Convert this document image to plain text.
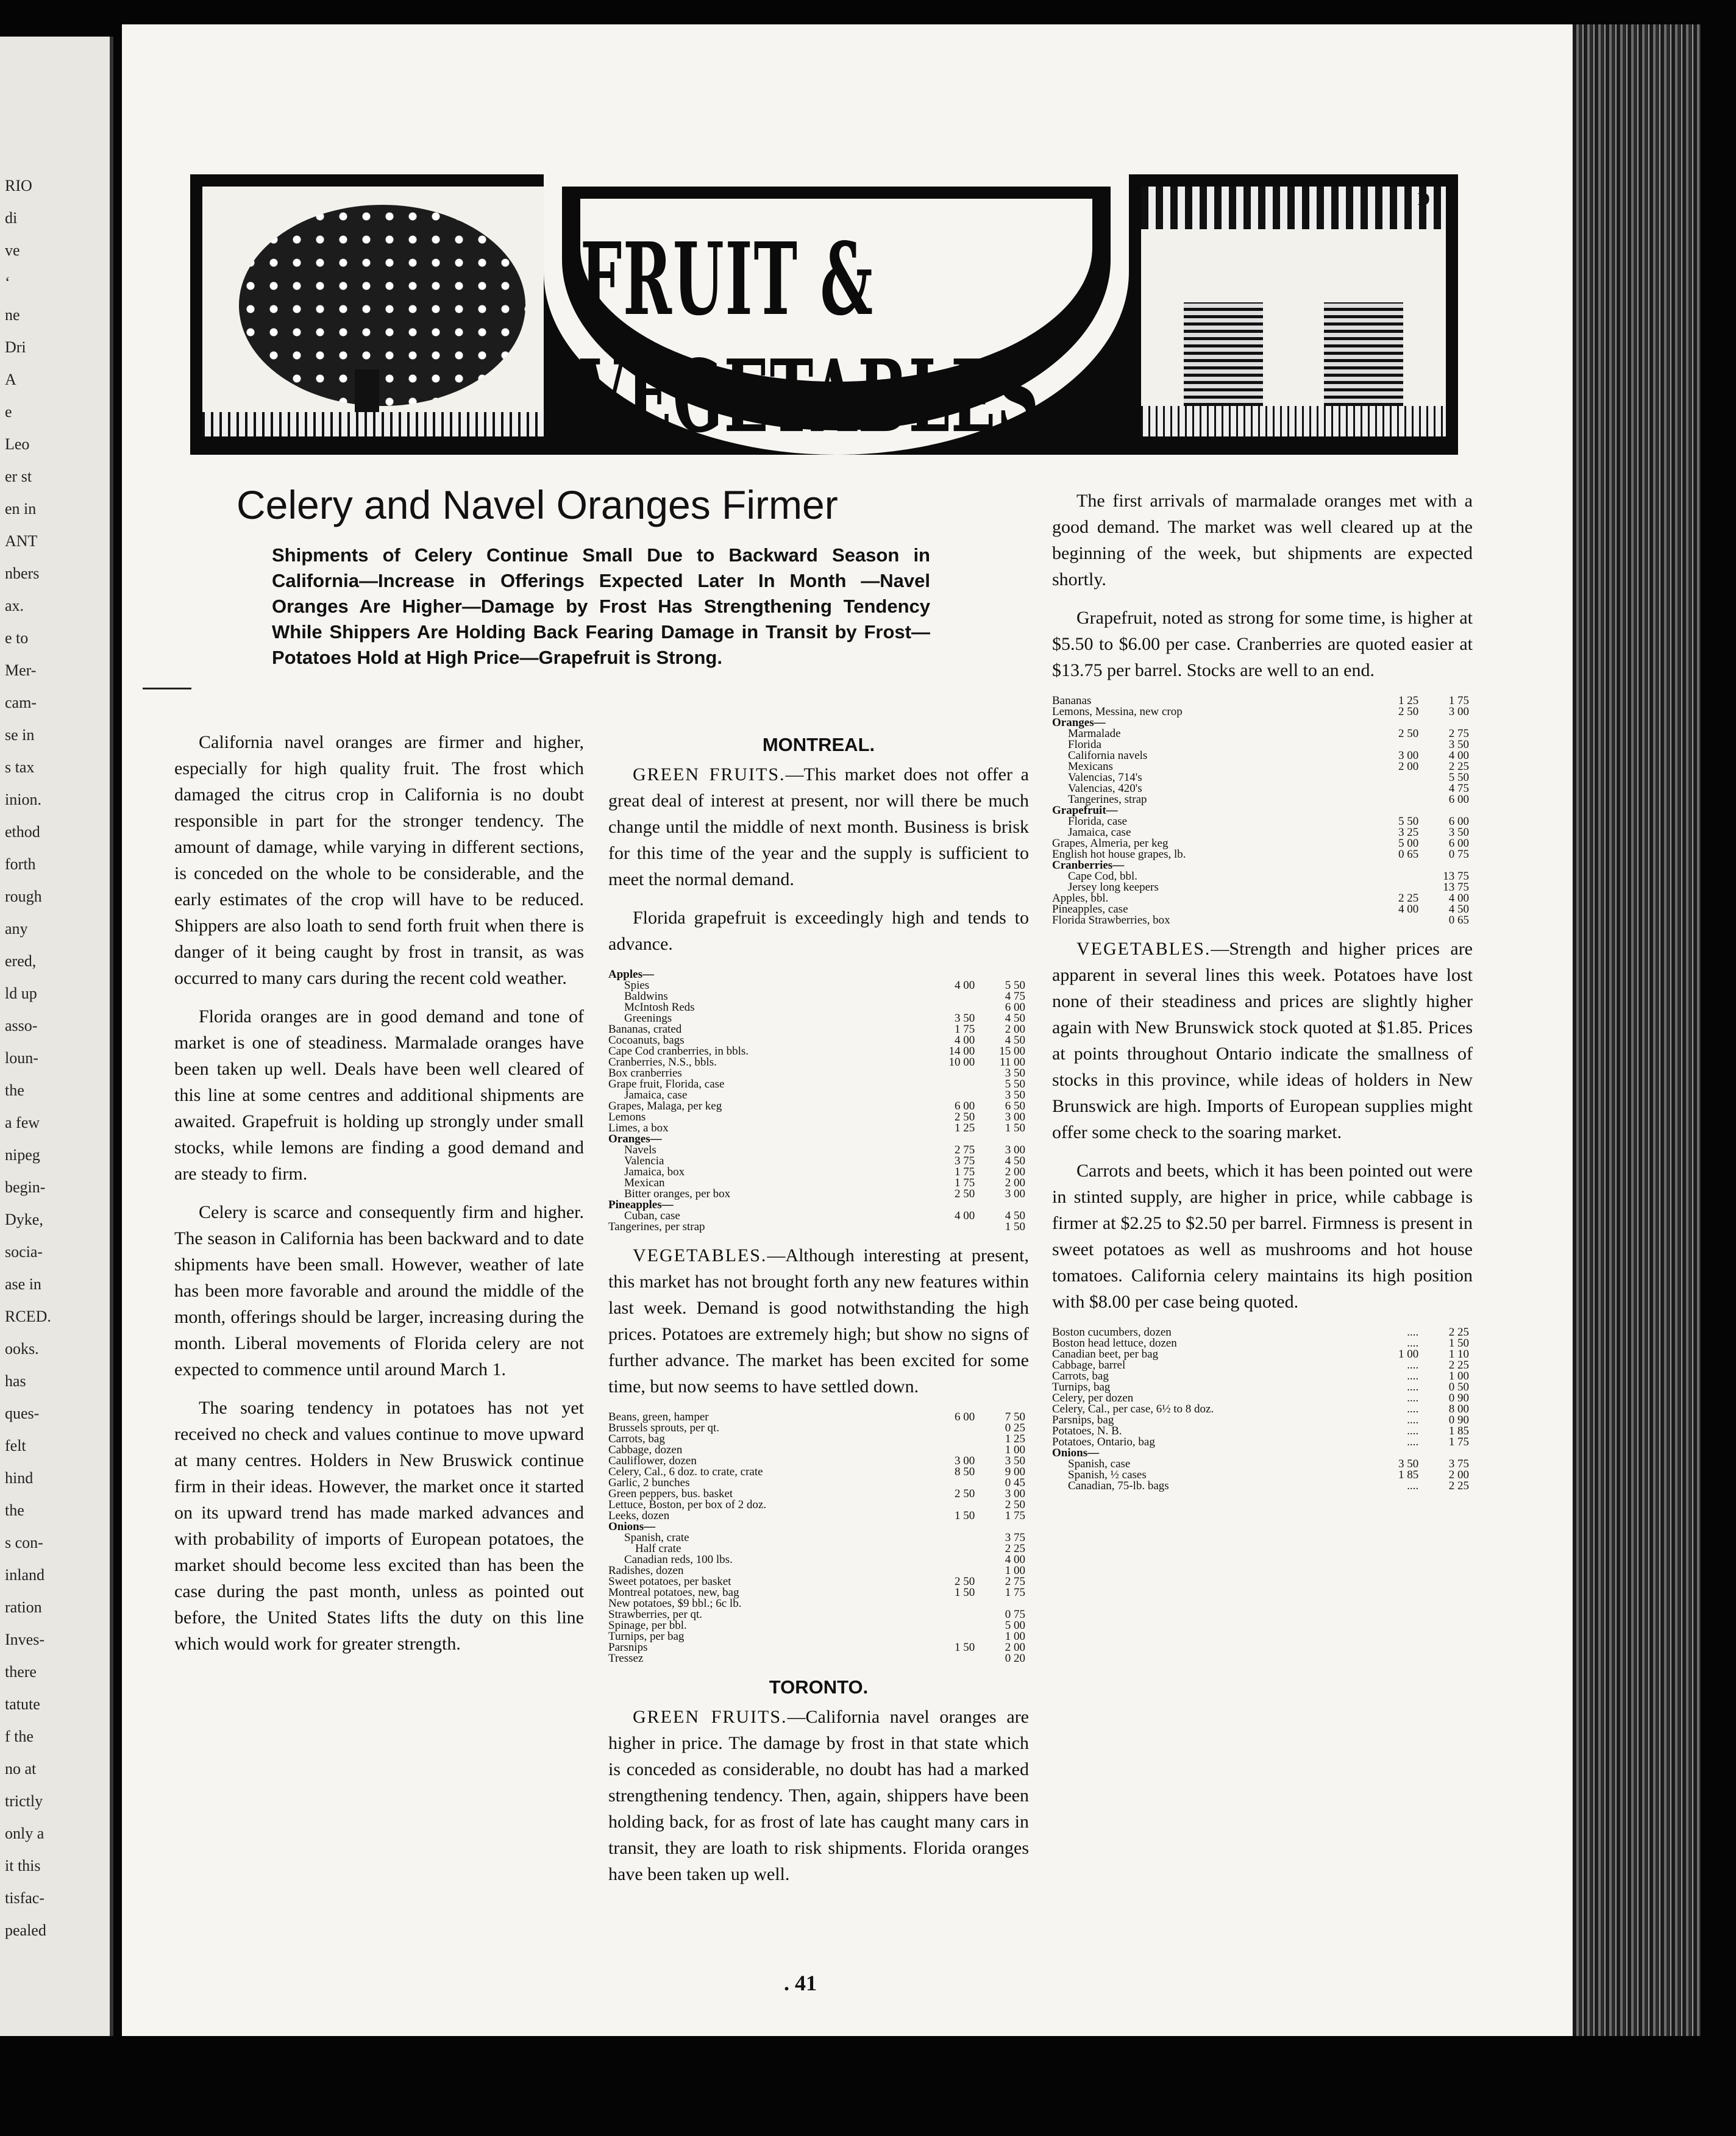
RIO
di
ve
‘
ne
Dri
A
e
Leo
er st
en in
ANT
nbers
ax.
e to
Mer-
cam-
se in
s tax
inion.
ethod
forth
rough
any
ered,
ld up
asso-
loun-
the
a few
nipeg
begin-
Dyke,
socia-
ase in
RCED.
ooks.
has
ques-
felt
hind
the
s con-
inland
ration
Inves-
there
tatute
f the
no at
trictly
only a
it this
tisfac-
pealed
FRUIT & VEGETABLES
D
Celery and Navel Oranges Firmer
Shipments of Celery Continue Small Due to Backward Season in California—Increase in Offerings Expected Later In Month —Navel Oranges Are Higher—Damage by Frost Has Strengthening Tendency While Shippers Are Holding Back Fearing Damage in Transit by Frost—Potatoes Hold at High Price—Grapefruit is Strong.

California navel oranges are firmer and higher, especially for high quality fruit. The frost which damaged the citrus crop in California is no doubt responsible in part for the stronger tendency. The amount of damage, while varying in different sections, is conceded on the whole to be considerable, and the early estimates of the crop will have to be reduced. Shippers are also loath to send forth fruit when there is danger of it being caught by frost in transit, as was occurred to many cars during the recent cold weather.

Florida oranges are in good demand and tone of market is one of steadiness. Marmalade oranges have been taken up well. Deals have been well cleared of this line at some centres and additional shipments are awaited. Grapefruit is holding up strongly under small stocks, while lemons are finding a good demand and are steady to firm.

Celery is scarce and consequently firm and higher. The season in California has been backward and to date shipments have been small. However, weather of late has been more favorable and around the middle of the month, offerings should be larger, increasing during the month. Liberal movements of Florida celery are not expected to commence until around March 1.

The soaring tendency in potatoes has not yet received no check and values continue to move upward at many centres. Holders in New Bruswick continue firm in their ideas. However, the market once it started on its upward trend has made marked advances and with probability of imports of European potatoes, the market should become less excited than has been the case during the past month, unless as pointed out before, the United States lifts the duty on this line which would work for greater strength.

MONTREAL.

GREEN FRUITS.—This market does not offer a great deal of interest at present, nor will there be much change until the middle of next month. Business is brisk for this time of the year and the supply is sufficient to meet the normal demand.

Florida grapefruit is exceedingly high and tends to advance.

Apples—		
Spies	4 00	5 50
Baldwins		4 75
McIntosh Reds		6 00
Greenings	3 50	4 50
Bananas, crated	1 75	2 00
Cocoanuts, bags	4 00	4 50
Cape Cod cranberries, in bbls.	14 00	15 00
Cranberries, N.S., bbls.	10 00	11 00
Box cranberries		3 50
Grape fruit, Florida, case		5 50
Jamaica, case		3 50
Grapes, Malaga, per keg	6 00	6 50
Lemons	2 50	3 00
Limes, a box	1 25	1 50
Oranges—		
Navels	2 75	3 00
Valencia	3 75	4 50
Jamaica, box	1 75	2 00
Mexican	1 75	2 00
Bitter oranges, per box	2 50	3 00
Pineapples—		
Cuban, case	4 00	4 50
Tangerines, per strap		1 50

VEGETABLES.—Although interesting at present, this market has not brought forth any new features within last week. Demand is good notwithstanding the high prices. Potatoes are extremely high; but show no signs of further advance. The market has been excited for some time, but now seems to have settled down.

Beans, green, hamper	6 00	7 50
Brussels sprouts, per qt.		0 25
Carrots, bag		1 25
Cabbage, dozen		1 00
Cauliflower, dozen	3 00	3 50
Celery, Cal., 6 doz. to crate, crate	8 50	9 00
Garlic, 2 bunches		0 45
Green peppers, bus. basket	2 50	3 00
Lettuce, Boston, per box of 2 doz.		2 50
Leeks, dozen	1 50	1 75
Onions—		
Spanish, crate		3 75
Half crate		2 25
Canadian reds, 100 lbs.		4 00
Radishes, dozen		1 00
Sweet potatoes, per basket	2 50	2 75
Montreal potatoes, new, bag	1 50	1 75
New potatoes, $9 bbl.; 6c lb.		
Strawberries, per qt.		0 75
Spinage, per bbl.		5 00
Turnips, per bag		1 00
Parsnips	1 50	2 00
Tressez		0 20
TORONTO.

GREEN FRUITS.—California navel oranges are higher in price. The damage by frost in that state which is conceded as considerable, no doubt has had a marked strengthening tendency. Then, again, shippers have been holding back, for as frost of late has caught many cars in transit, they are loath to risk shipments. Florida oranges have been taken up well.

The first arrivals of marmalade oranges met with a good demand. The market was well cleared up at the beginning of the week, but shipments are expected shortly.

Grapefruit, noted as strong for some time, is higher at $5.50 to $6.00 per case. Cranberries are quoted easier at $13.75 per barrel. Stocks are well to an end.

Bananas	1 25	1 75
Lemons, Messina, new crop	2 50	3 00
Oranges—		
Marmalade	2 50	2 75
Florida		3 50
California navels	3 00	4 00
Mexicans	2 00	2 25
Valencias, 714's		5 50
Valencias, 420's		4 75
Tangerines, strap		6 00
Grapefruit—		
Florida, case	5 50	6 00
Jamaica, case	3 25	3 50
Grapes, Almeria, per keg	5 00	6 00
English hot house grapes, lb.	0 65	0 75
Cranberries—		
Cape Cod, bbl.		13 75
Jersey long keepers		13 75
Apples, bbl.	2 25	4 00
Pineapples, case	4 00	4 50
Florida Strawberries, box		0 65

VEGETABLES.—Strength and higher prices are apparent in several lines this week. Potatoes have lost none of their steadiness and prices are slightly higher again with New Brunswick stock quoted at $1.85. Prices at points throughout Ontario indicate the smallness of stocks in this province, while ideas of holders in New Brunswick are high. Imports of European supplies might offer some check to the soaring market.

Carrots and beets, which it has been pointed out were in stinted supply, are higher in price, while cabbage is firmer at $2.25 to $2.50 per barrel. Firmness is present in sweet potatoes as well as mushrooms and hot house tomatoes. California celery maintains its high position with $8.00 per case being quoted.

Boston cucumbers, dozen	....	2 25
Boston head lettuce, dozen	....	1 50
Canadian beet, per bag	1 00	1 10
Cabbage, barrel	....	2 25
Carrots, bag	....	1 00
Turnips, bag	....	0 50
Celery, per dozen	....	0 90
Celery, Cal., per case, 6½ to 8 doz.	....	8 00
Parsnips, bag	....	0 90
Potatoes, N. B.	....	1 85
Potatoes, Ontario, bag	....	1 75
Onions—		
Spanish, case	3 50	3 75
Spanish, ½ cases	1 85	2 00
Canadian, 75-lb. bags	....	2 25
. 41
